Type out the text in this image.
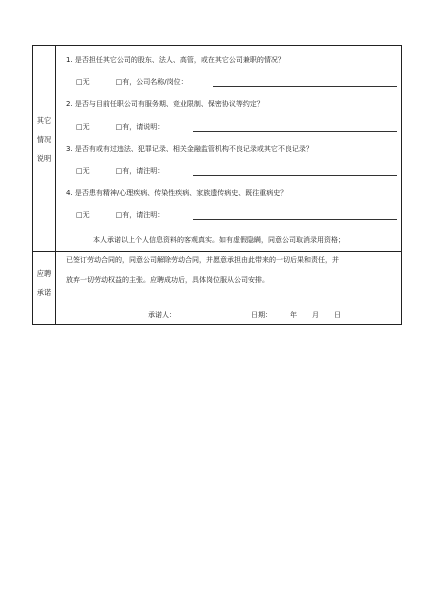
其它
情况
说明
1. 是否担任其它公司的股东、法人、高管，或在其它公司兼职的情况？
□无	□有，公司名称/岗位：
2. 是否与目前任职公司有服务期、竞业限制、保密协议等约定？
□无	□有，请说明：
3. 是否有或有过违法、犯罪记录、相关金融监管机构不良记录或其它不良记录？
□无	□有，请注明：
4. 是否患有精神/心理疾病、传染性疾病、家族遗传病史、既往重病史？
□无	□有，请注明：
应聘
承诺
本人承诺以上个人信息资料的客观真实。如有虚假隐瞒，同意公司取消录用资格；
已签订劳动合同的，同意公司解除劳动合同，并愿意承担由此带来的一切后果和责任，并
放弃一切劳动权益的主张。应聘成功后，具体岗位服从公司安排。
承诺人：	日期：	年 月 日
